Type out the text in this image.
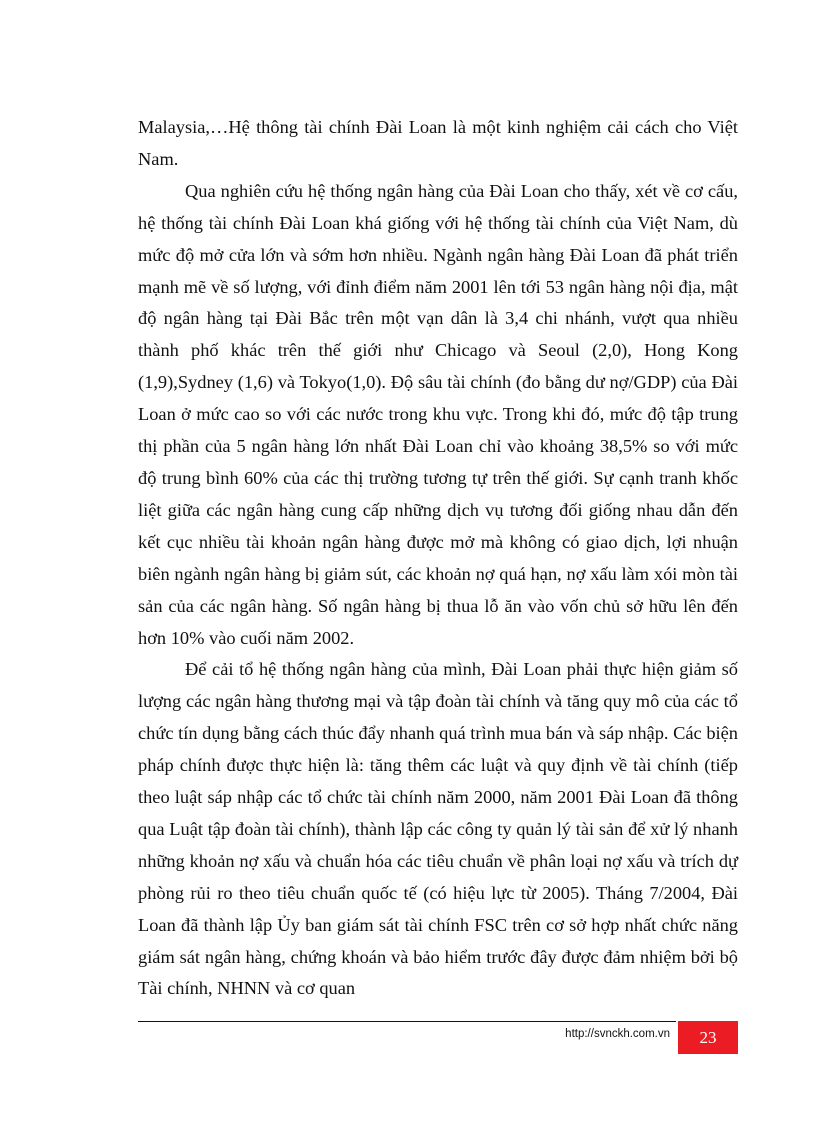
Malaysia,…Hệ thông tài chính Đài Loan là một kinh nghiệm cải cách cho Việt Nam.

Qua nghiên cứu hệ thống ngân hàng của Đài Loan cho thấy, xét về cơ cấu, hệ thống tài chính Đài Loan khá giống với hệ thống tài chính của Việt Nam, dù mức độ mở cửa lớn và sớm hơn nhiều. Ngành ngân hàng Đài Loan đã phát triển mạnh mẽ về số lượng, với đỉnh điểm năm 2001 lên tới 53 ngân hàng nội địa, mật độ ngân hàng tại Đài Bắc trên một vạn dân là 3,4 chi nhánh, vượt qua nhiều thành phố khác trên thế giới như Chicago và Seoul (2,0), Hong Kong (1,9),Sydney (1,6) và Tokyo(1,0). Độ sâu tài chính (đo bằng dư nợ/GDP) của Đài Loan ở mức cao so với các nước trong khu vực. Trong khi đó, mức độ tập trung thị phần của 5 ngân hàng lớn nhất Đài Loan chỉ vào khoảng 38,5% so với mức độ trung bình 60% của các thị trường tương tự trên thế giới. Sự cạnh tranh khốc liệt giữa các ngân hàng cung cấp những dịch vụ tương đối giống nhau dẫn đến kết cục nhiều tài khoản ngân hàng được mở mà không có giao dịch, lợi nhuận biên ngành ngân hàng bị giảm sút, các khoản nợ quá hạn, nợ xấu làm xói mòn tài sản của các ngân hàng. Số ngân hàng bị thua lỗ ăn vào vốn chủ sở hữu lên đến hơn 10% vào cuối năm 2002.

Để cải tổ hệ thống ngân hàng của mình, Đài Loan phải thực hiện giảm số lượng các ngân hàng thương mại và tập đoàn tài chính và tăng quy mô của các tổ chức tín dụng bằng cách thúc đẩy nhanh quá trình mua bán và sáp nhập. Các biện pháp chính được thực hiện là: tăng thêm các luật và quy định về tài chính (tiếp theo luật sáp nhập các tổ chức tài chính năm 2000, năm 2001 Đài Loan đã thông qua Luật tập đoàn tài chính), thành lập các công ty quản lý tài sản để xử lý nhanh những khoản nợ xấu và chuẩn hóa các tiêu chuẩn về phân loại nợ xấu và trích dự phòng rủi ro theo tiêu chuẩn quốc tế (có hiệu lực từ 2005). Tháng 7/2004, Đài Loan đã thành lập Ủy ban giám sát tài chính FSC trên cơ sở hợp nhất chức năng giám sát ngân hàng, chứng khoán và bảo hiểm trước đây được đảm nhiệm bởi bộ Tài chính, NHNN và cơ quan

http://svnckh.com.vn 23
